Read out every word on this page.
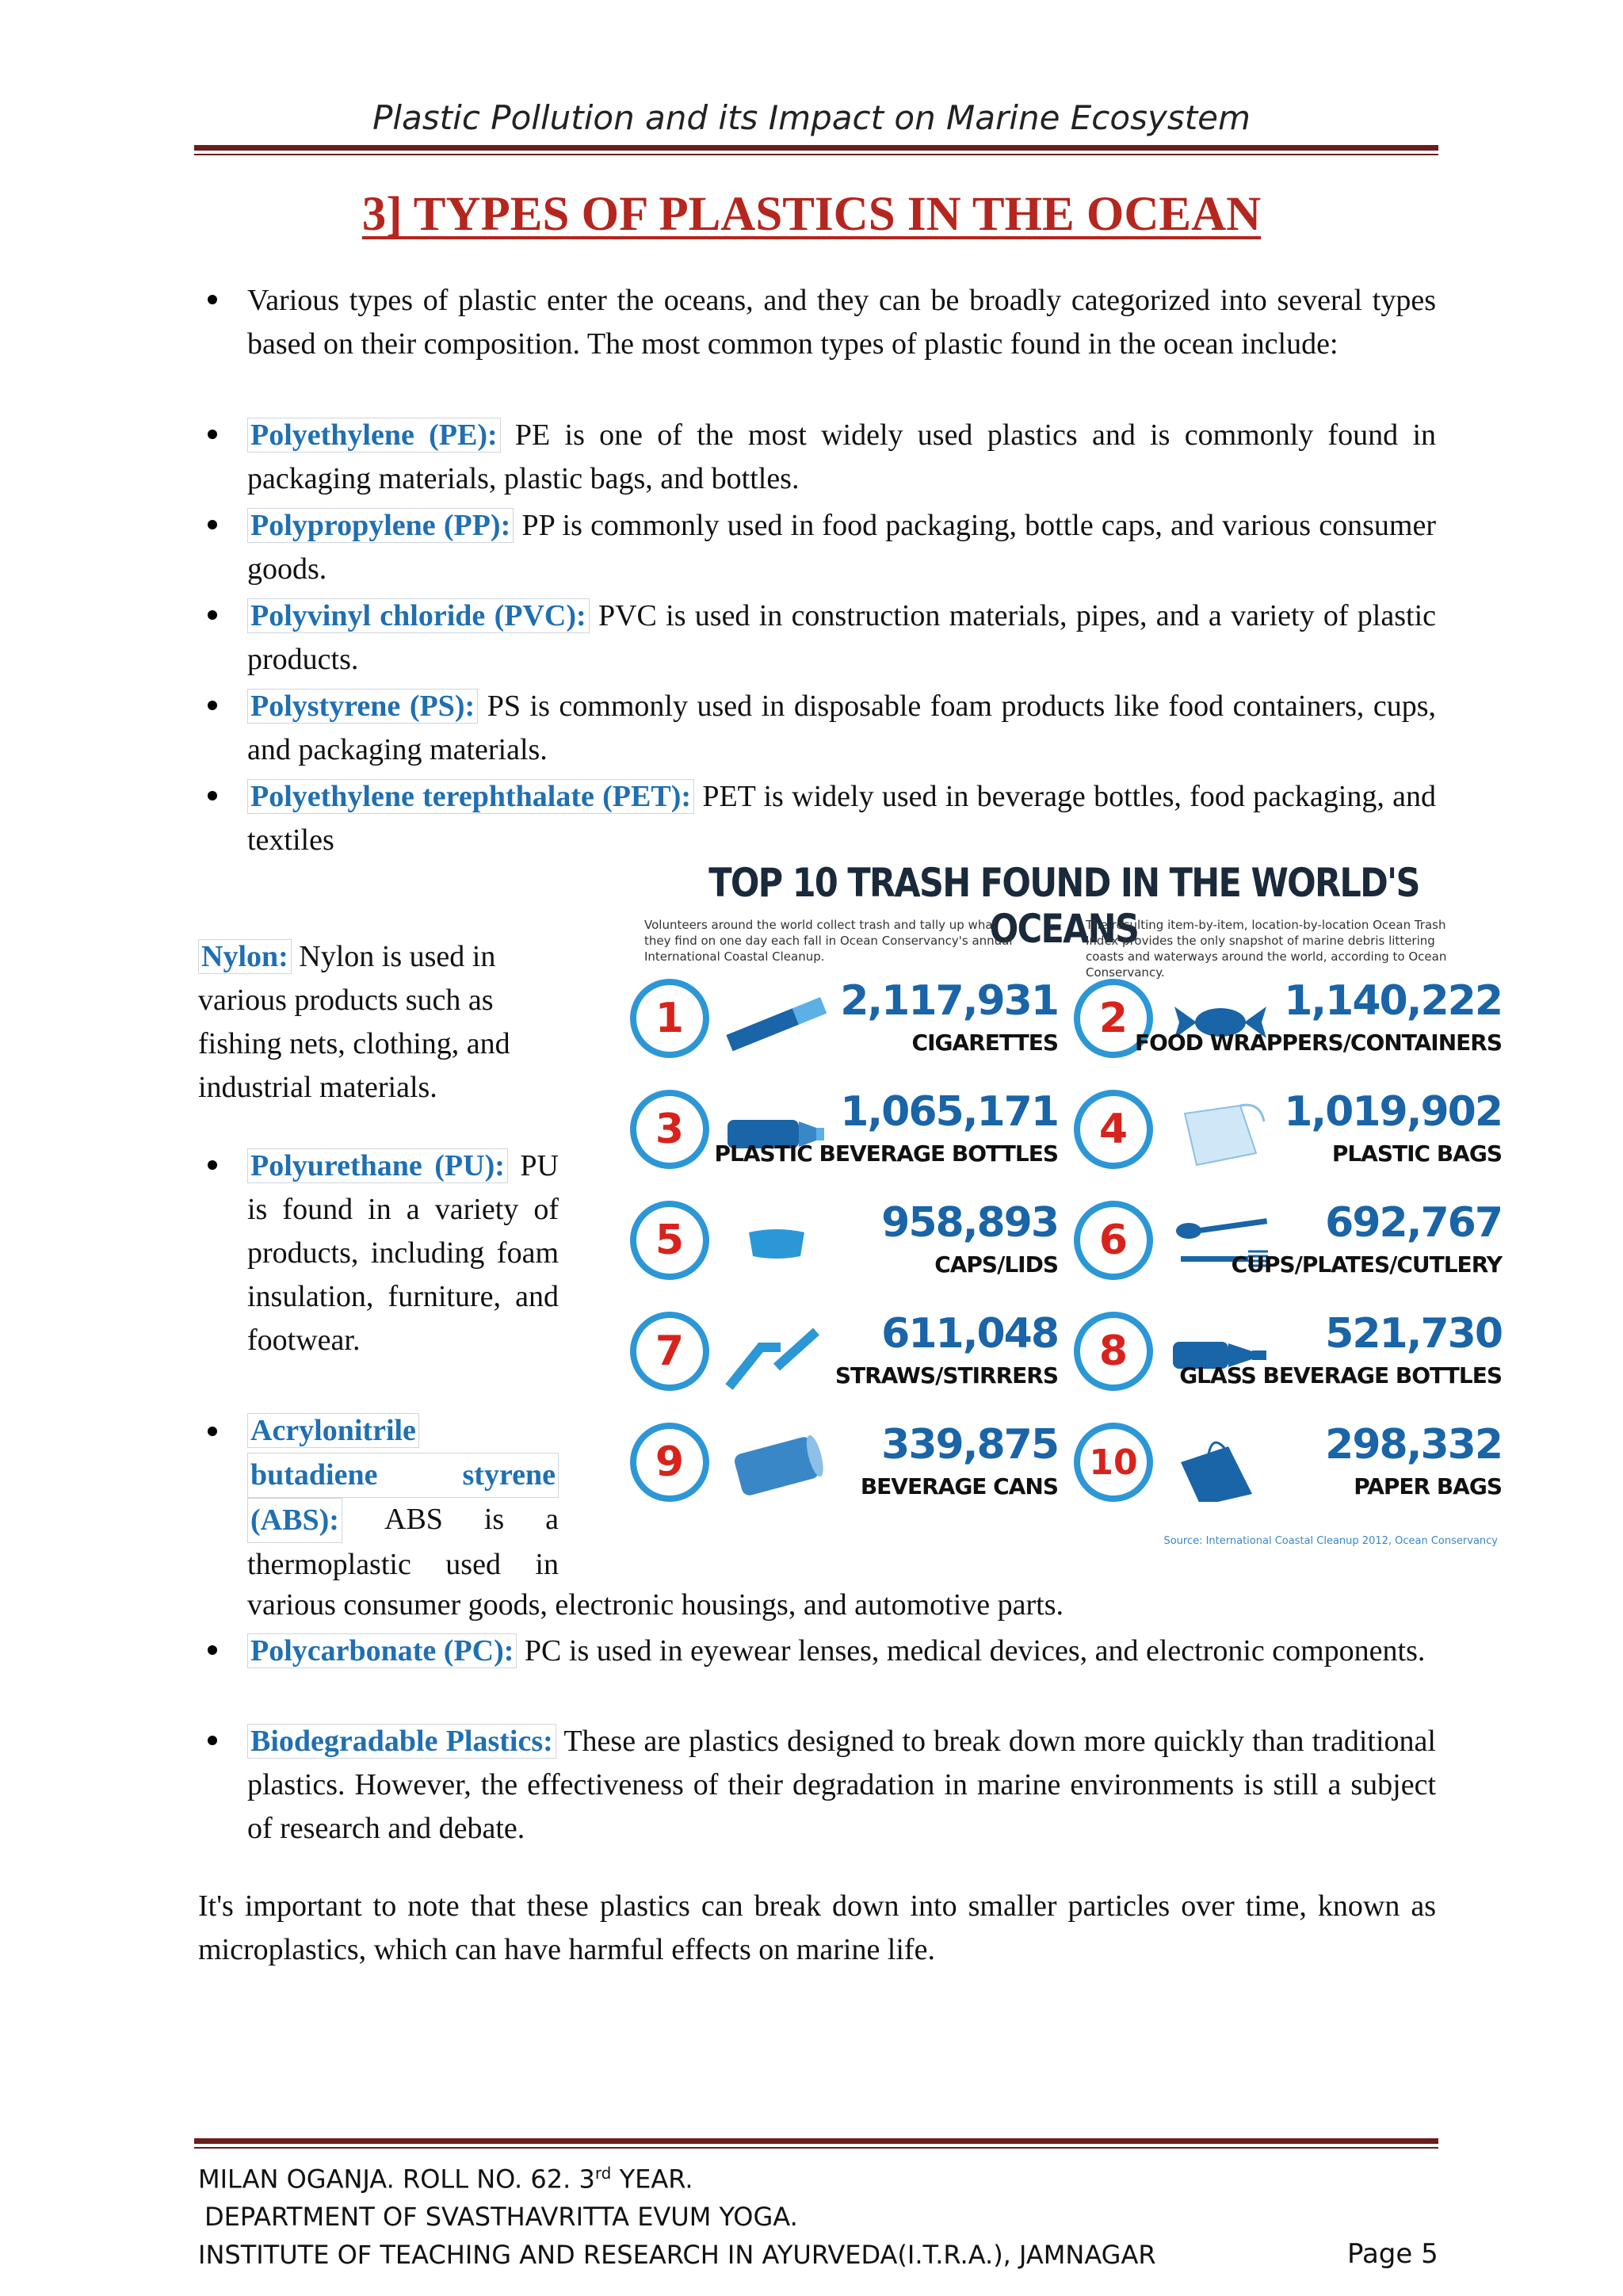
Plastic Pollution and its Impact on Marine Ecosystem
3] TYPES OF PLASTICS IN THE OCEAN
Various types of plastic enter the oceans, and they can be broadly categorized into several types based on their composition. The most common types of plastic found in the ocean include:
Polyethylene (PE): PE is one of the most widely used plastics and is commonly found in packaging materials, plastic bags, and bottles.
Polypropylene (PP): PP is commonly used in food packaging, bottle caps, and various consumer goods.
Polyvinyl chloride (PVC): PVC is used in construction materials, pipes, and a variety of plastic products.
Polystyrene (PS): PS is commonly used in disposable foam products like food containers, cups, and packaging materials.
Polyethylene terephthalate (PET): PET is widely used in beverage bottles, food packaging, and textiles
Nylon: Nylon is used in various products such as fishing nets, clothing, and industrial materials.
Polyurethane (PU): PU is found in a variety of products, including foam insulation, furniture, and footwear.
Acrylonitrile
butadiene styrene
(ABS): ABS is a
thermoplastic used in
various consumer goods, electronic housings, and automotive parts.
TOP 10 TRASH FOUND IN THE WORLD'S OCEANS
Volunteers around the world collect trash and tally up what they find on one day each fall in Ocean Conservancy's annual International Coastal Cleanup.
The resulting item-by-item, location-by-location Ocean Trash Index provides the only snapshot of marine debris littering coasts and waterways around the world, according to Ocean Conservancy.
1	2,117,931
CIGARETTES
2	1,140,222
FOOD WRAPPERS/CONTAINERS
3	1,065,171
PLASTIC BEVERAGE BOTTLES
4	1,019,902
PLASTIC BAGS
5	958,893
CAPS/LIDS
6	692,767
CUPS/PLATES/CUTLERY
7	611,048
STRAWS/STIRRERS
8	521,730
GLASS BEVERAGE BOTTLES
9	339,875
BEVERAGE CANS
10	298,332
PAPER BAGS
Source: International Coastal Cleanup 2012, Ocean Conservancy
Polycarbonate (PC): PC is used in eyewear lenses, medical devices, and electronic components.
Biodegradable Plastics: These are plastics designed to break down more quickly than traditional plastics. However, the effectiveness of their degradation in marine environments is still a subject of research and debate.
It's important to note that these plastics can break down into smaller particles over time, known as microplastics, which can have harmful effects on marine life.
MILAN OGANJA. ROLL NO. 62. 3rd YEAR.
DEPARTMENT OF SVASTHAVRITTA EVUM YOGA.
INSTITUTE OF TEACHING AND RESEARCH IN AYURVEDA(I.T.R.A.), JAMNAGAR	Page 5
